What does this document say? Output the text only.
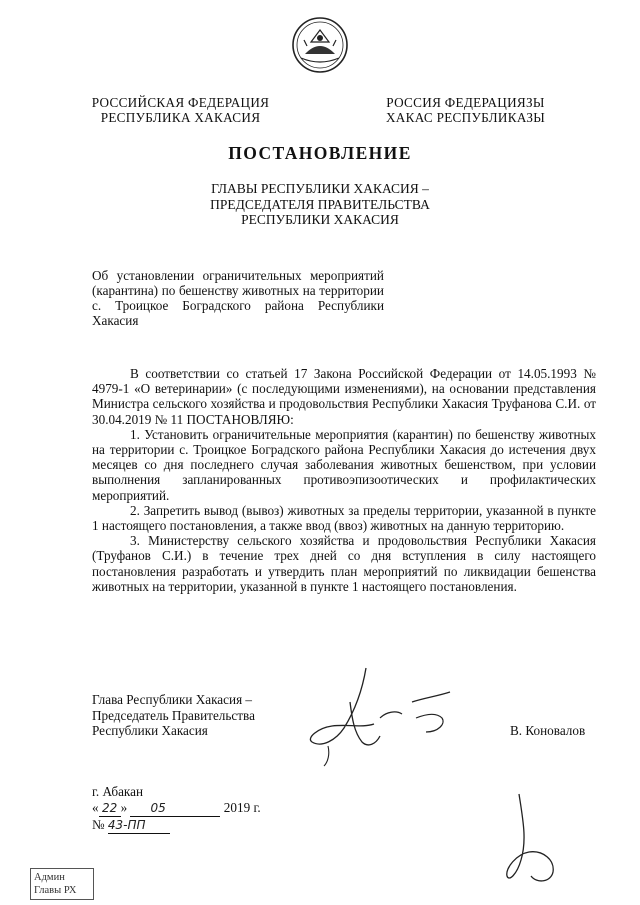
РОССИЙСКАЯ ФЕДЕРАЦИЯ
РЕСПУБЛИКА ХАКАСИЯ
РОССИЯ ФЕДЕРАЦИЯЗЫ
ХАКАС РЕСПУБЛИКАЗЫ
ПОСТАНОВЛЕНИЕ
ГЛАВЫ РЕСПУБЛИКИ ХАКАСИЯ –
ПРЕДСЕДАТЕЛЯ ПРАВИТЕЛЬСТВА
РЕСПУБЛИКИ ХАКАСИЯ
Об установлении ограничительных мероприятий (карантина) по бешенству животных на территории с. Троицкое Боградского района Республики Хакасия

В соответствии со статьей 17 Закона Российской Федерации от 14.05.1993 № 4979-1 «О ветеринарии» (с последующими изменениями), на основании представления Министра сельского хозяйства и продовольствия Республики Хакасия Труфанова С.И. от 30.04.2019 № 11 ПОСТАНОВЛЯЮ:

1. Установить ограничительные мероприятия (карантин) по бешенству животных на территории с. Троицкое Боградского района Республики Хакасия до истечения двух месяцев со дня последнего случая заболевания животных бешенством, при условии выполнения запланированных противоэпизоотических и профилактических мероприятий.

2. Запретить вывод (вывоз) животных за пределы территории, указанной в пункте 1 настоящего постановления, а также ввод (ввоз) животных на данную территорию.

3. Министерству сельского хозяйства и продовольствия Республики Хакасия (Труфанов С.И.) в течение трех дней со дня вступления в силу настоящего постановления разработать и утвердить план мероприятий по ликвидации бешенства животных на территории, указанной в пункте 1 настоящего постановления.

Глава Республики Хакасия –
Председатель Правительства
Республики Хакасия	В. Коновалов
г. Абакан
« 22 » 05	2019 г.
№ 43-ПП
Админ
Главы РХ
